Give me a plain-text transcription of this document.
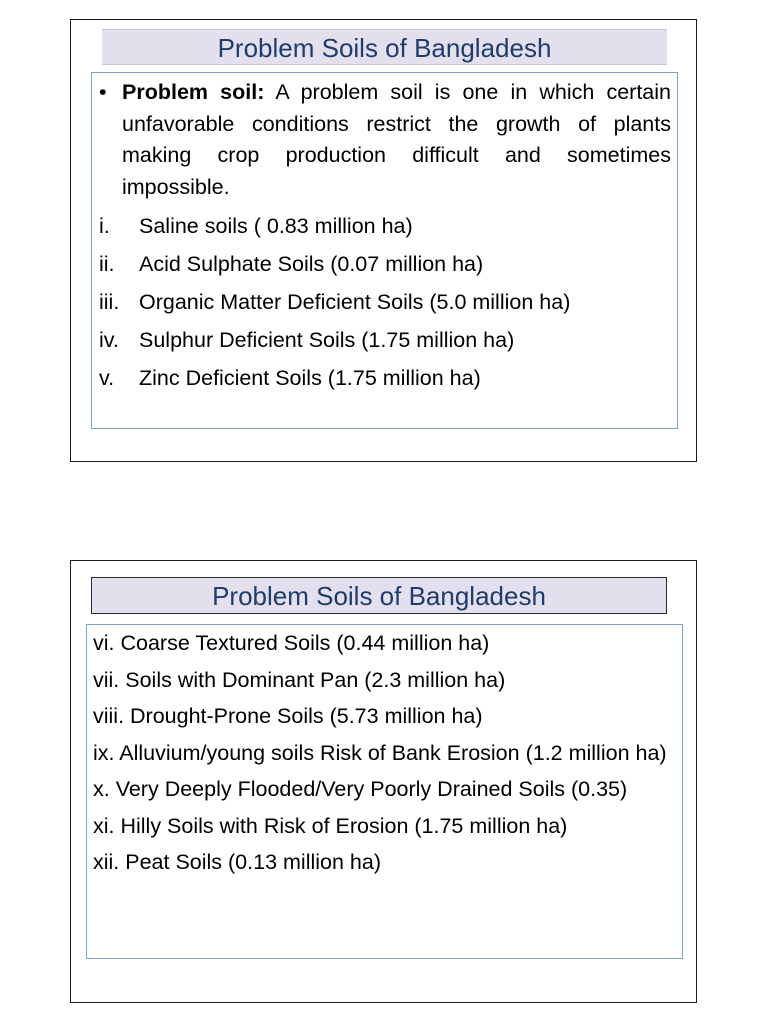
Problem Soils of Bangladesh
• Problem soil: A problem soil is one in which certain unfavorable conditions restrict the growth of plants making crop production difficult and sometimes impossible.
i.	Saline soils ( 0.83 million ha)
ii.	Acid Sulphate Soils (0.07 million ha)
iii. Organic Matter Deficient Soils (5.0 million ha)
iv. Sulphur Deficient Soils (1.75 million ha)
v.	Zinc Deficient Soils (1.75 million ha)
Problem Soils of Bangladesh
vi. Coarse Textured Soils (0.44 million ha)
vii. Soils with Dominant Pan (2.3 million ha)
viii. Drought-Prone Soils (5.73 million ha)
ix. Alluvium/young soils Risk of Bank Erosion (1.2 million ha)
x. Very Deeply Flooded/Very Poorly Drained Soils (0.35)
xi. Hilly Soils with Risk of Erosion (1.75 million ha)
xii. Peat Soils (0.13 million ha)
